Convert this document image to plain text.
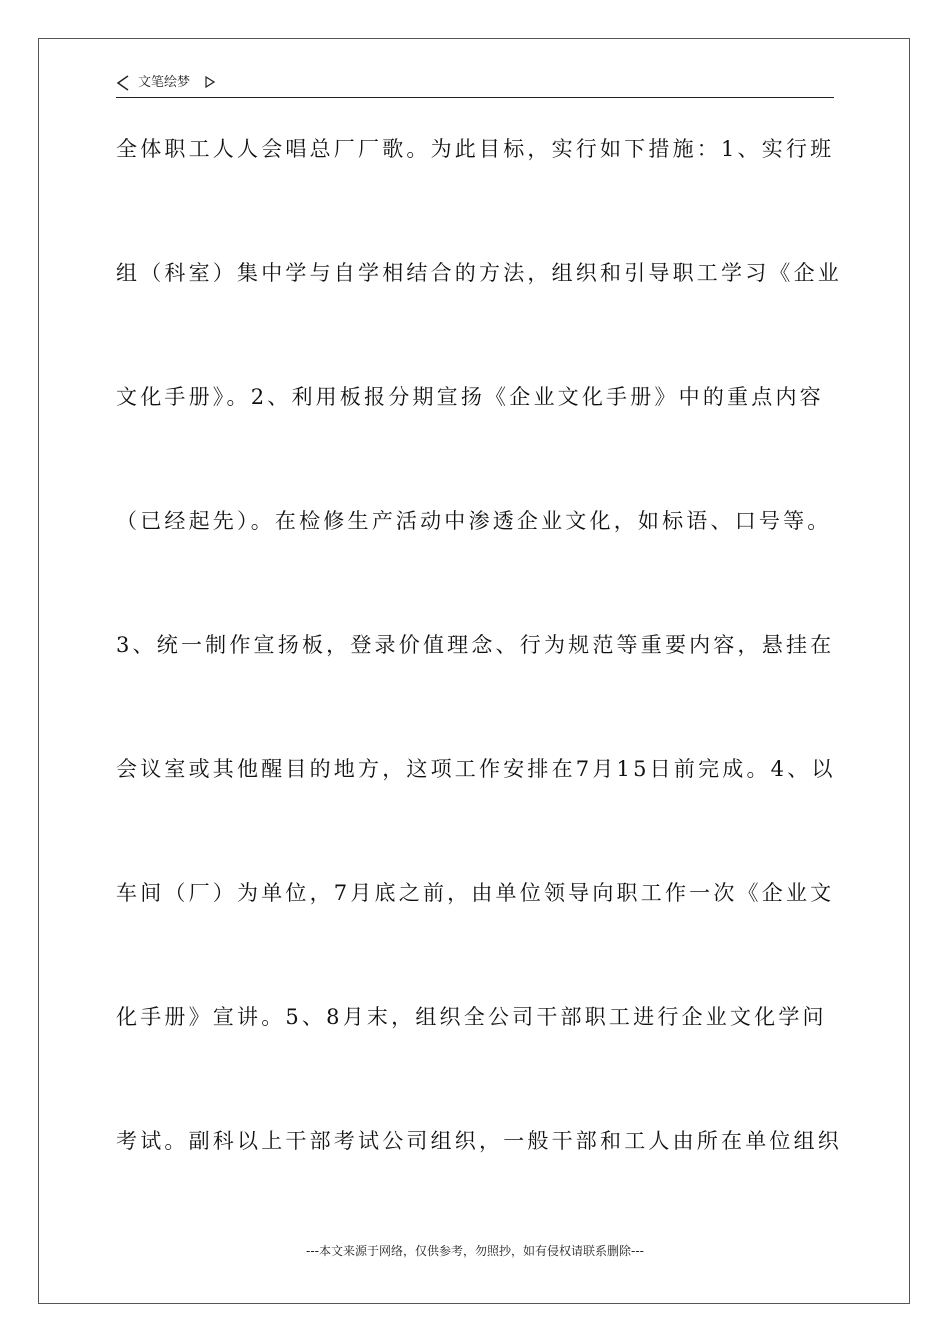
文笔绘梦
全体职工人人会唱总厂厂歌。为此目标，实行如下措施：1、实行班
组（科室）集中学与自学相结合的方法，组织和引导职工学习《企业
文化手册》。2、利用板报分期宣扬《企业文化手册》中的重点内容
（已经起先）。在检修生产活动中渗透企业文化，如标语、口号等。
3、统一制作宣扬板，登录价值理念、行为规范等重要内容，悬挂在
会议室或其他醒目的地方，这项工作安排在7月15日前完成。4、以
车间（厂）为单位，7月底之前，由单位领导向职工作一次《企业文
化手册》宣讲。5、8月末，组织全公司干部职工进行企业文化学问
考试。副科以上干部考试公司组织，一般干部和工人由所在单位组织
---本文来源于网络，仅供参考，勿照抄，如有侵权请联系删除---
